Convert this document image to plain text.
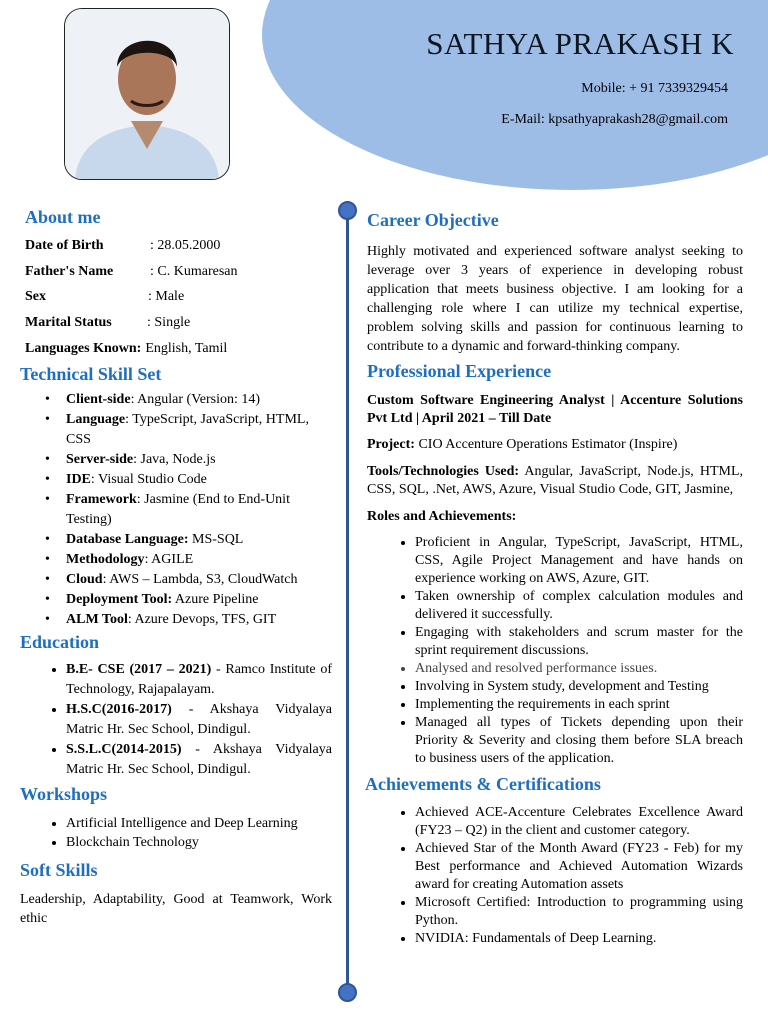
SATHYA PRAKASH K
Mobile: + 91 7339329454
E-Mail: kpsathyaprakash28@gmail.com
About me
Date of Birth	: 28.05.2000
Father's Name	: C. Kumaresan
Sex	: Male
Marital Status	: Single
Languages Known: English, Tamil
Technical Skill Set
• Client-side: Angular (Version: 14)
• Language: TypeScript, JavaScript, HTML, CSS
• Server-side: Java, Node.js
• IDE: Visual Studio Code
• Framework: Jasmine (End to End-Unit Testing)
• Database Language: MS-SQL
• Methodology: AGILE
• Cloud: AWS – Lambda, S3, CloudWatch
• Deployment Tool: Azure Pipeline
• ALM Tool: Azure Devops, TFS, GIT
Education
• B.E- CSE (2017 – 2021) - Ramco Institute of Technology, Rajapalayam.
• H.S.C(2016-2017) - Akshaya Vidyalaya Matric Hr. Sec School, Dindigul.
• S.S.L.C(2014-2015) - Akshaya Vidyalaya Matric Hr. Sec School, Dindigul.
Workshops
• Artificial Intelligence and Deep Learning
• Blockchain Technology
Soft Skills
Leadership, Adaptability, Good at Teamwork, Work ethic
Career Objective
Highly motivated and experienced software analyst seeking to leverage over 3 years of experience in developing robust application that meets business objective. I am looking for a challenging role where I can utilize my technical expertise, problem solving skills and passion for continuous learning to contribute to a dynamic and forward-thinking company.
Professional Experience
Custom Software Engineering Analyst | Accenture Solutions Pvt Ltd | April 2021 – Till Date
Project: CIO Accenture Operations Estimator (Inspire)
Tools/Technologies Used: Angular, JavaScript, Node.js, HTML, CSS, SQL, .Net, AWS, Azure, Visual Studio Code, GIT, Jasmine,
Roles and Achievements:
• Proficient in Angular, TypeScript, JavaScript, HTML, CSS, Agile Project Management and have hands on experience working on AWS, Azure, GIT.
• Taken ownership of complex calculation modules and delivered it successfully.
• Engaging with stakeholders and scrum master for the sprint requirement discussions.
• Analysed and resolved performance issues.
• Involving in System study, development and Testing
• Implementing the requirements in each sprint
• Managed all types of Tickets depending upon their Priority & Severity and closing them before SLA breach to business users of the application.
Achievements & Certifications
• Achieved ACE-Accenture Celebrates Excellence Award (FY23 – Q2) in the client and customer category.
• Achieved Star of the Month Award (FY23 - Feb) for my Best performance and Achieved Automation Wizards award for creating Automation assets
• Microsoft Certified: Introduction to programming using Python.
• NVIDIA: Fundamentals of Deep Learning.
